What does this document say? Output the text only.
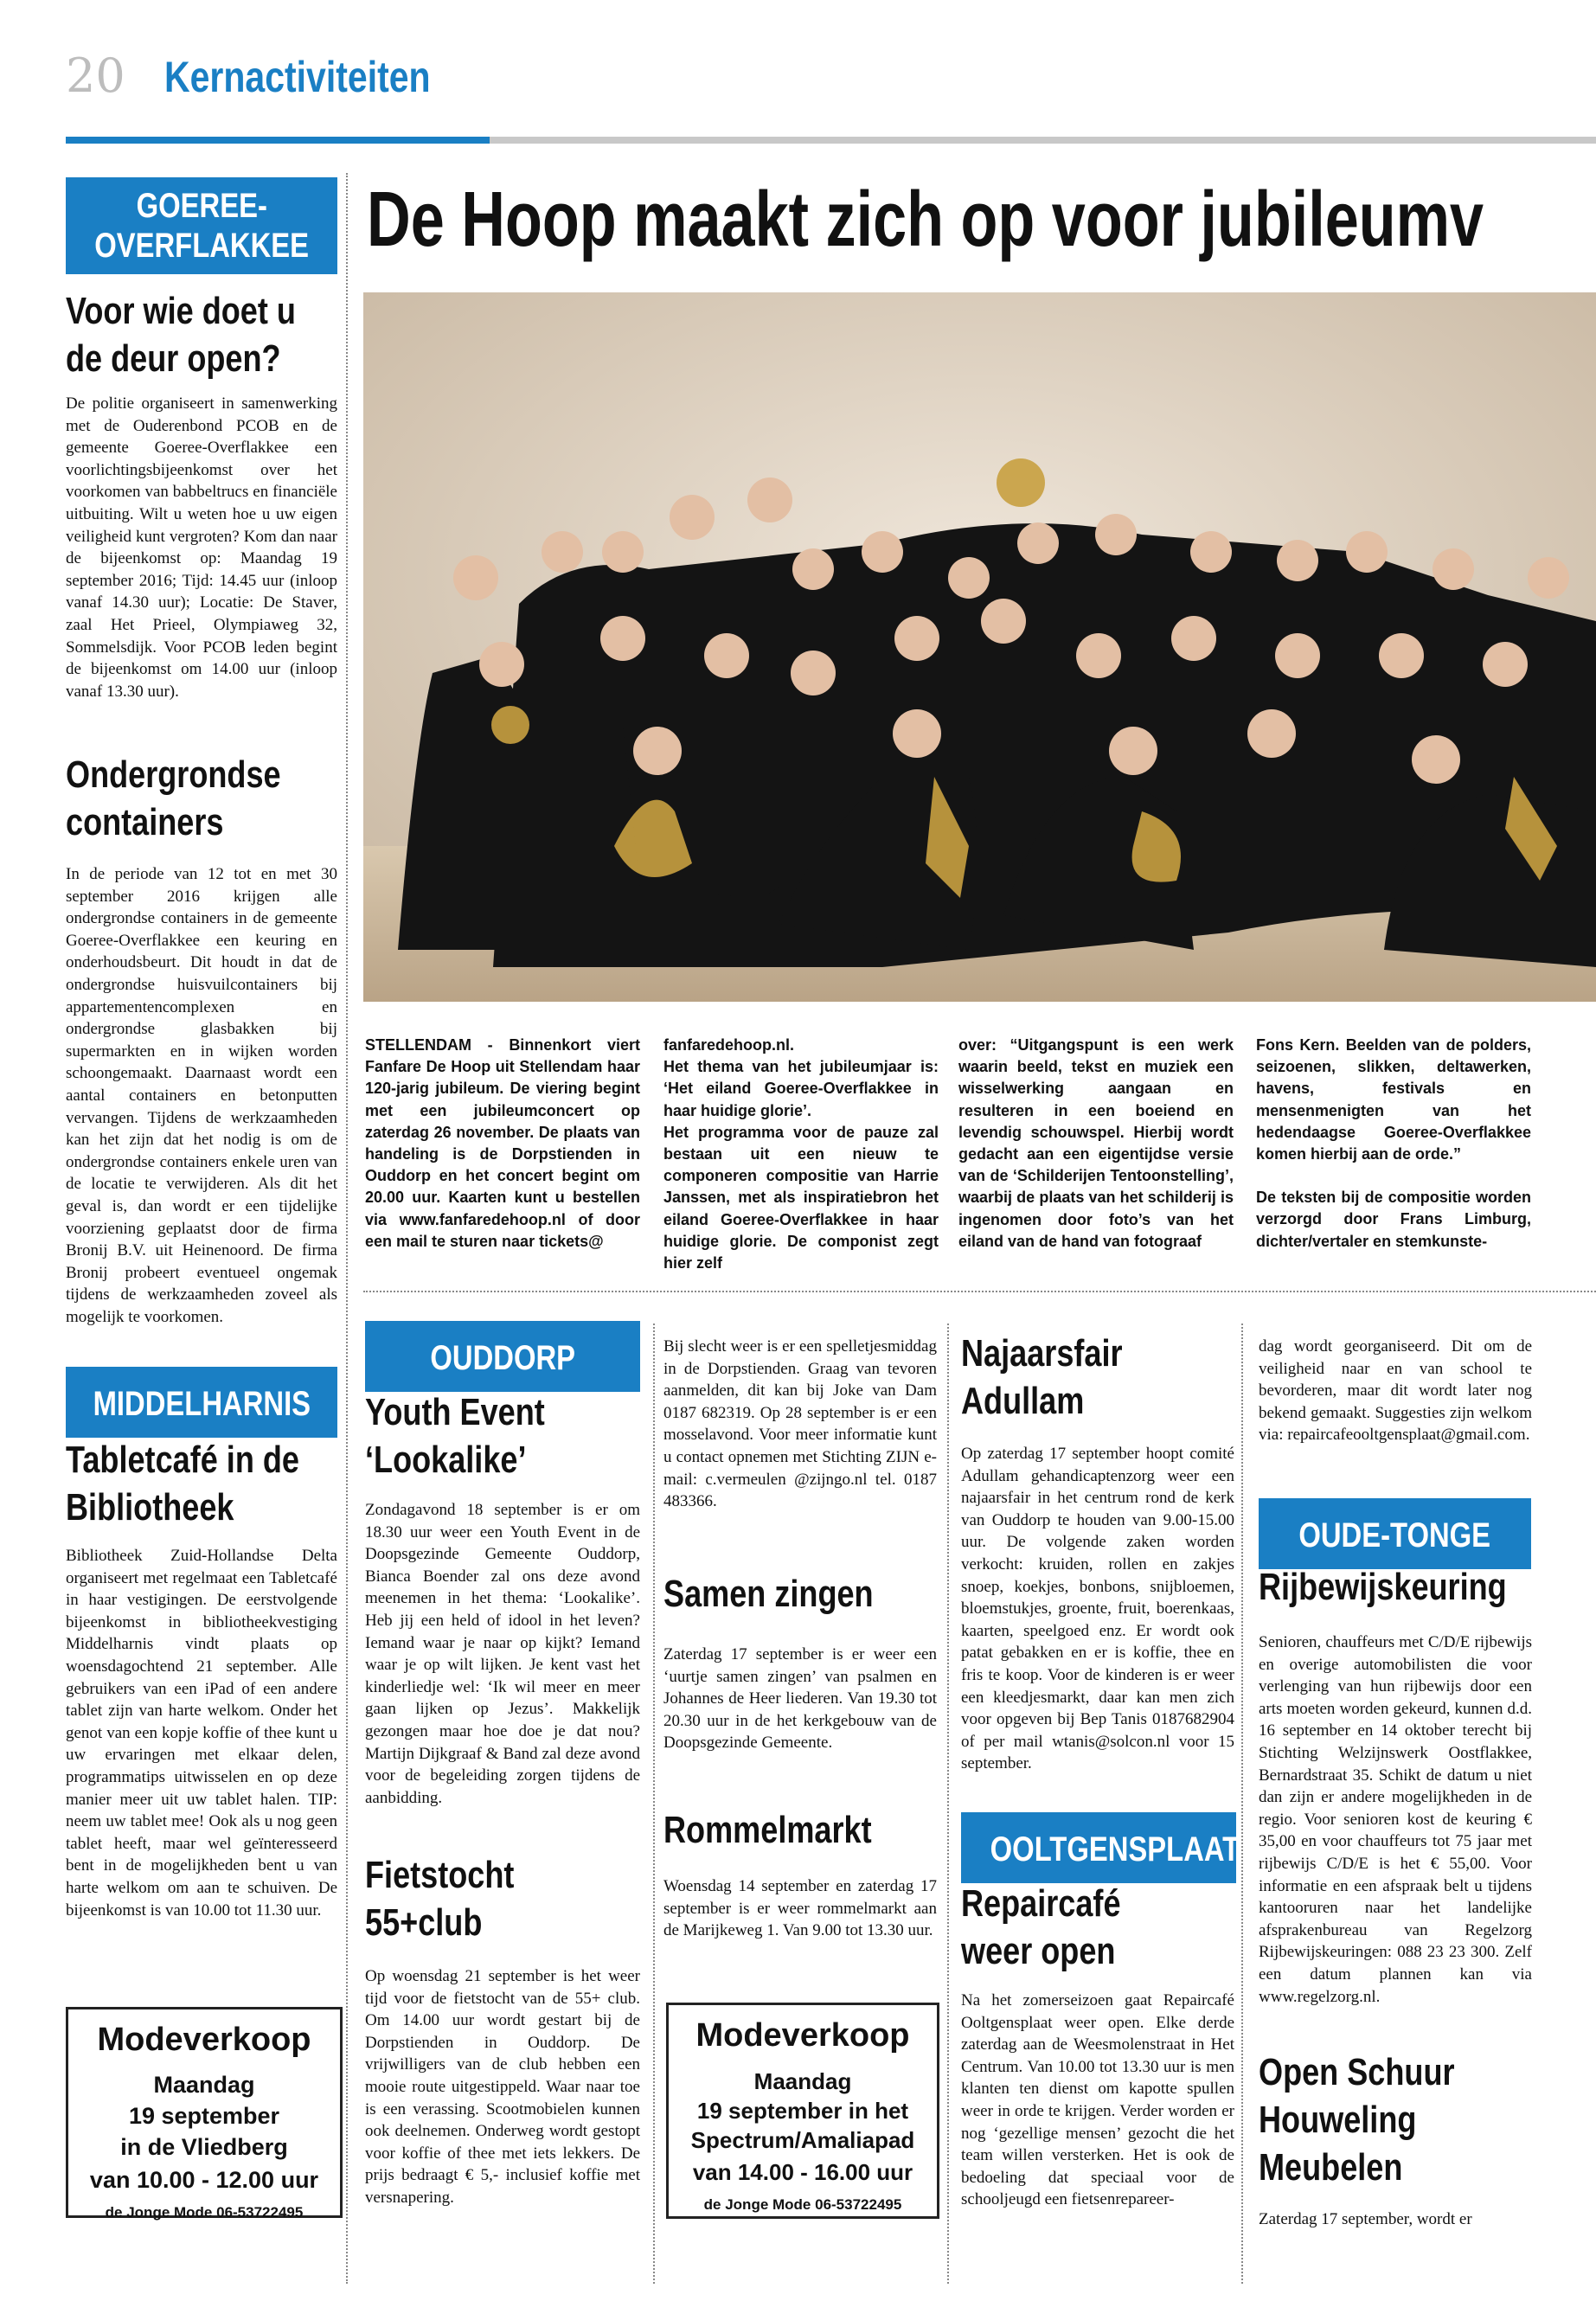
20 Kernactiviteiten
De Hoop maakt zich op voor jubileumv
GOEREE-
OVERFLAKKEE
Voor wie doet u
de deur open?
De politie organiseert in samenwerking met de Ouderenbond PCOB en de gemeente Goeree-Overflakkee een voorlichtingsbijeenkomst over het voorkomen van babbeltrucs en financiële uitbuiting. Wilt u weten hoe u uw eigen veiligheid kunt vergroten? Kom dan naar de bijeenkomst op: Maandag 19 september 2016; Tijd: 14.45 uur (inloop vanaf 14.30 uur); Locatie: De Staver, zaal Het Prieel, Olympiaweg 32, Sommelsdijk. Voor PCOB leden begint de bijeenkomst om 14.00 uur (inloop vanaf 13.30 uur).
Ondergrondse
containers
In de periode van 12 tot en met 30 september 2016 krijgen alle ondergrondse containers in de gemeente Goeree-Overflakkee een keuring en onderhoudsbeurt. Dit houdt in dat de ondergrondse huisvuilcontainers bij appartementencomplexen en ondergrondse glasbakken bij supermarkten en in wijken worden schoongemaakt. Daarnaast wordt een aantal containers en betonputten vervangen. Tijdens de werkzaamheden kan het zijn dat het nodig is om de ondergrondse containers enkele uren van de locatie te verwijderen. Als dit het geval is, dan wordt er een tijdelijke voorziening geplaatst door de firma Bronij B.V. uit Heinenoord. De firma Bronij probeert eventueel ongemak tijdens de werkzaamheden zoveel als mogelijk te voorkomen.
MIDDELHARNIS
Tabletcafé in de
Bibliotheek
Bibliotheek Zuid-Hollandse Delta organiseert met regelmaat een Tabletcafé in haar vestigingen. De eerstvolgende bijeenkomst in bibliotheekvestiging Middelharnis vindt plaats op woensdagochtend 21 september. Alle gebruikers van een iPad of een andere tablet zijn van harte welkom. Onder het genot van een kopje koffie of thee kunt u uw ervaringen met elkaar delen, programmatips uitwisselen en op deze manier meer uit uw tablet halen. TIP: neem uw tablet mee! Ook als u nog geen tablet heeft, maar wel geïnteresseerd bent in de mogelijkheden bent u van harte welkom om aan te schuiven. De bijeenkomst is van 10.00 tot 11.30 uur.
Modeverkoop
Maandag
19 september
in de Vliedberg
van 10.00 - 12.00 uur
de Jonge Mode 06-53722495
STELLENDAM - Binnenkort viert Fanfare De Hoop uit Stellendam haar 120-jarig jubileum. De viering begint met een jubileumconcert op zaterdag 26 november. De plaats van handeling is de Dorpstienden in Ouddorp en het concert begint om 20.00 uur. Kaarten kunt u bestellen via www.fanfaredehoop.nl of door een mail te sturen naar tickets@
fanfaredehoop.nl.
Het thema van het jubileumjaar is: ‘Het eiland Goeree-Overflakkee in haar huidige glorie’.
Het programma voor de pauze zal bestaan uit een nieuw te componeren compositie van Harrie Janssen, met als inspiratiebron het eiland Goeree-Overflakkee in haar huidige glorie. De componist zegt hier zelf
over: “Uitgangspunt is een werk waarin beeld, tekst en muziek een wisselwerking aangaan en resulteren in een boeiend en levendig schouwspel. Hierbij wordt gedacht aan een eigentijdse versie van de ‘Schilderijen Tentoonstelling’, waarbij de plaats van het schilderij is ingenomen door foto’s van het eiland van de hand van fotograaf
Fons Kern. Beelden van de polders, seizoenen, slikken, deltawerken, havens, festivals en mensenmenigten van het hedendaagse Goeree-Overflakkee komen hierbij aan de orde.”
De teksten bij de compositie worden verzorgd door Frans Limburg, dichter/vertaler en stemkunste-
OUDDORP
Youth Event
‘Lookalike’
Zondagavond 18 september is er om 18.30 uur weer een Youth Event in de Doopsgezinde Gemeente Ouddorp, Bianca Boender zal ons deze avond meenemen in het thema: ‘Lookalike’. Heb jij een held of idool in het leven? Iemand waar je naar op kijkt? Iemand waar je op wilt lijken. Je kent vast het kinderliedje wel: ‘Ik wil meer en meer gaan lijken op Jezus’. Makkelijk gezongen maar hoe doe je dat nou? Martijn Dijkgraaf & Band zal deze avond voor de begeleiding zorgen tijdens de aanbidding.
Fietstocht
55+club
Op woensdag 21 september is het weer tijd voor de fietstocht van de 55+ club. Om 14.00 uur wordt gestart bij de Dorpstienden in Ouddorp. De vrijwilligers van de club hebben een mooie route uitgestippeld. Waar naar toe is een verassing. Scootmobielen kunnen ook deelnemen. Onderweg wordt gestopt voor koffie of thee met iets lekkers. De prijs bedraagt € 5,- inclusief koffie met versnapering.
Bij slecht weer is er een spelletjesmiddag in de Dorpstienden. Graag van tevoren aanmelden, dit kan bij Joke van Dam 0187 682319. Op 28 september is er een mosselavond. Voor meer informatie kunt u contact opnemen met Stichting ZIJN e-mail: c.vermeulen @zijngo.nl tel. 0187 483366.
Samen zingen
Zaterdag 17 september is er weer een ‘uurtje samen zingen’ van psalmen en Johannes de Heer liederen. Van 19.30 tot 20.30 uur in de het kerkgebouw van de Doopsgezinde Gemeente.
Rommelmarkt
Woensdag 14 september en zaterdag 17 september is er weer rommelmarkt aan de Marijkeweg 1. Van 9.00 tot 13.30 uur.
Modeverkoop
Maandag
19 september in het
Spectrum/Amaliapad
van 14.00 - 16.00 uur
de Jonge Mode 06-53722495
Najaarsfair
Adullam
Op zaterdag 17 september hoopt comité Adullam gehandicaptenzorg weer een najaarsfair in het centrum rond de kerk van Ouddorp te houden van 9.00-15.00 uur. De volgende zaken worden verkocht: kruiden, rollen en zakjes snoep, koekjes, bonbons, snijbloemen, bloemstukjes, groente, fruit, boerenkaas, kaarten, speelgoed enz. Er wordt ook patat gebakken en er is koffie, thee en fris te koop. Voor de kinderen is er weer een kleedjesmarkt, daar kan men zich voor opgeven bij Bep Tanis 0187682904 of per mail wtanis@solcon.nl voor 15 september.
OOLTGENSPLAAT
Repaircafé
weer open
Na het zomerseizoen gaat Repaircafé Ooltgensplaat weer open. Elke derde zaterdag aan de Weesmolenstraat in Het Centrum. Van 10.00 tot 13.30 uur is men klanten ten dienst om kapotte spullen weer in orde te krijgen. Verder worden er nog ‘gezellige mensen’ gezocht die het team willen versterken. Het is ook de bedoeling dat speciaal voor de schooljeugd een fietsenrepareer-
dag wordt georganiseerd. Dit om de veiligheid naar en van school te bevorderen, maar dit wordt later nog bekend gemaakt. Suggesties zijn welkom via: repaircafeooltgensplaat@gmail.com.
OUDE-TONGE
Rijbewijskeuring
Senioren, chauffeurs met C/D/E rijbewijs en overige automobilisten die voor verlenging van hun rijbewijs door een arts moeten worden gekeurd, kunnen d.d. 16 september en 14 oktober terecht bij Stichting Welzijnswerk Oostflakkee, Bernardstraat 35. Schikt de datum u niet dan zijn er andere mogelijkheden in de regio. Voor senioren kost de keuring € 35,00 en voor chauffeurs tot 75 jaar met rijbewijs C/D/E is het € 55,00. Voor informatie en een afspraak belt u tijdens kantooruren naar het landelijke afsprakenbureau van Regelzorg Rijbewijskeuringen: 088 23 23 300. Zelf een datum plannen kan via www.regelzorg.nl.
Open Schuur
Houweling
Meubelen
Zaterdag 17 september, wordt er
